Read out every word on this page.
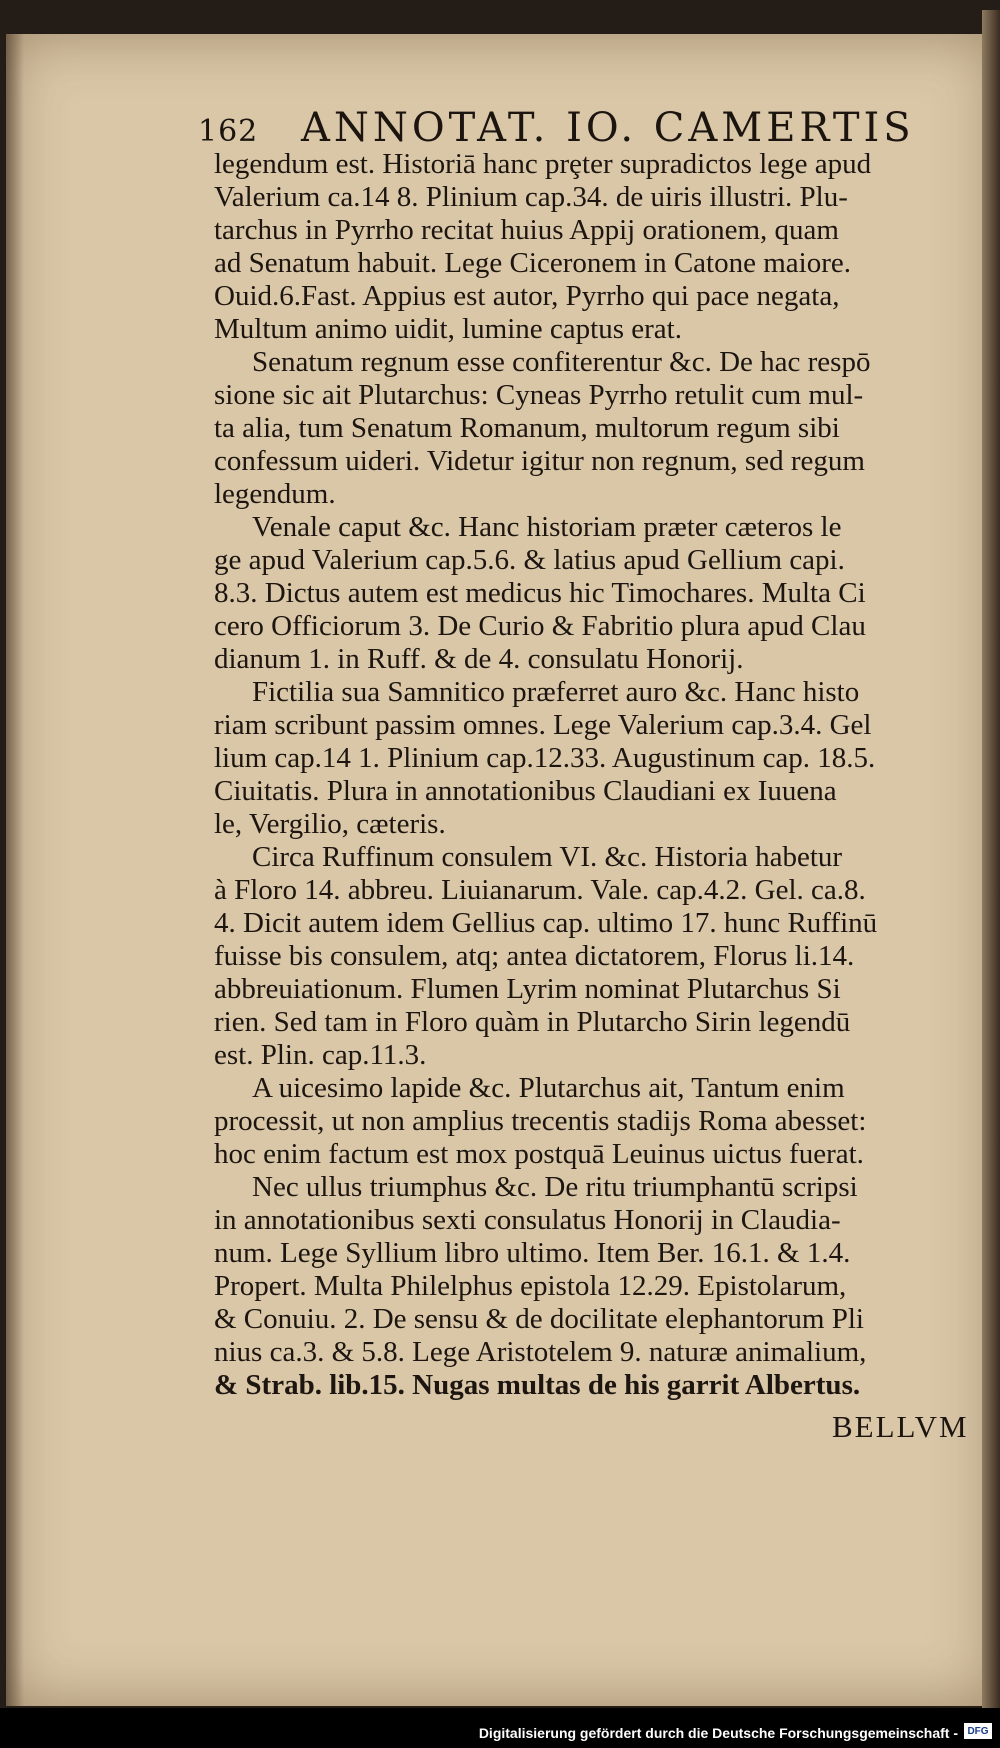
162 ANNOTAT. IO. CAMERTIS
legendum est. Historiā hanc prȩter supradictos lege apud
Valerium ca.14 8. Plinium cap.34. de uiris illustri. Plu-
tarchus in Pyrrho recitat huius Appij orationem, quam
ad Senatum habuit. Lege Ciceronem in Catone maiore.
Ouid.6.Fast. Appius est autor, Pyrrho qui pace negata,
Multum animo uidit, lumine captus erat.
Senatum regnum esse confiterentur &c. De hac respō
sione sic ait Plutarchus: Cyneas Pyrrho retulit cum mul-
ta alia, tum Senatum Romanum, multorum regum sibi
confessum uideri. Videtur igitur non regnum, sed regum
legendum.
Venale caput &c. Hanc historiam præter cæteros le
ge apud Valerium cap.5.6. & latius apud Gellium capi.
8.3. Dictus autem est medicus hic Timochares. Multa Ci
cero Officiorum 3. De Curio & Fabritio plura apud Clau
dianum 1. in Ruff. & de 4. consulatu Honorij.
Fictilia sua Samnitico præferret auro &c. Hanc histo
riam scribunt passim omnes. Lege Valerium cap.3.4. Gel
lium cap.14 1. Plinium cap.12.33. Augustinum cap. 18.5.
Ciuitatis. Plura in annotationibus Claudiani ex Iuuena
le, Vergilio, cæteris.
Circa Ruffinum consulem VI. &c. Historia habetur
à Floro 14. abbreu. Liuianarum. Vale. cap.4.2. Gel. ca.8.
4. Dicit autem idem Gellius cap. ultimo 17. hunc Ruffinū
fuisse bis consulem, atq; antea dictatorem, Florus li.14.
abbreuiationum. Flumen Lyrim nominat Plutarchus Si
rien. Sed tam in Floro quàm in Plutarcho Sirin legendū
est. Plin. cap.11.3.
A uicesimo lapide &c. Plutarchus ait, Tantum enim
processit, ut non amplius trecentis stadijs Roma abesset:
hoc enim factum est mox postquā Leuinus uictus fuerat.
Nec ullus triumphus &c. De ritu triumphantū scripsi
in annotationibus sexti consulatus Honorij in Claudia-
num. Lege Syllium libro ultimo. Item Ber. 16.1. & 1.4.
Propert. Multa Philelphus epistola 12.29. Epistolarum,
& Conuiu. 2. De sensu & de docilitate elephantorum Pli
nius ca.3. & 5.8. Lege Aristotelem 9. naturæ animalium,
& Strab. lib.15. Nugas multas de his garrit Albertus.
BELLVM
Digitalisierung gefördert durch die Deutsche Forschungsgemeinschaft - DFG
